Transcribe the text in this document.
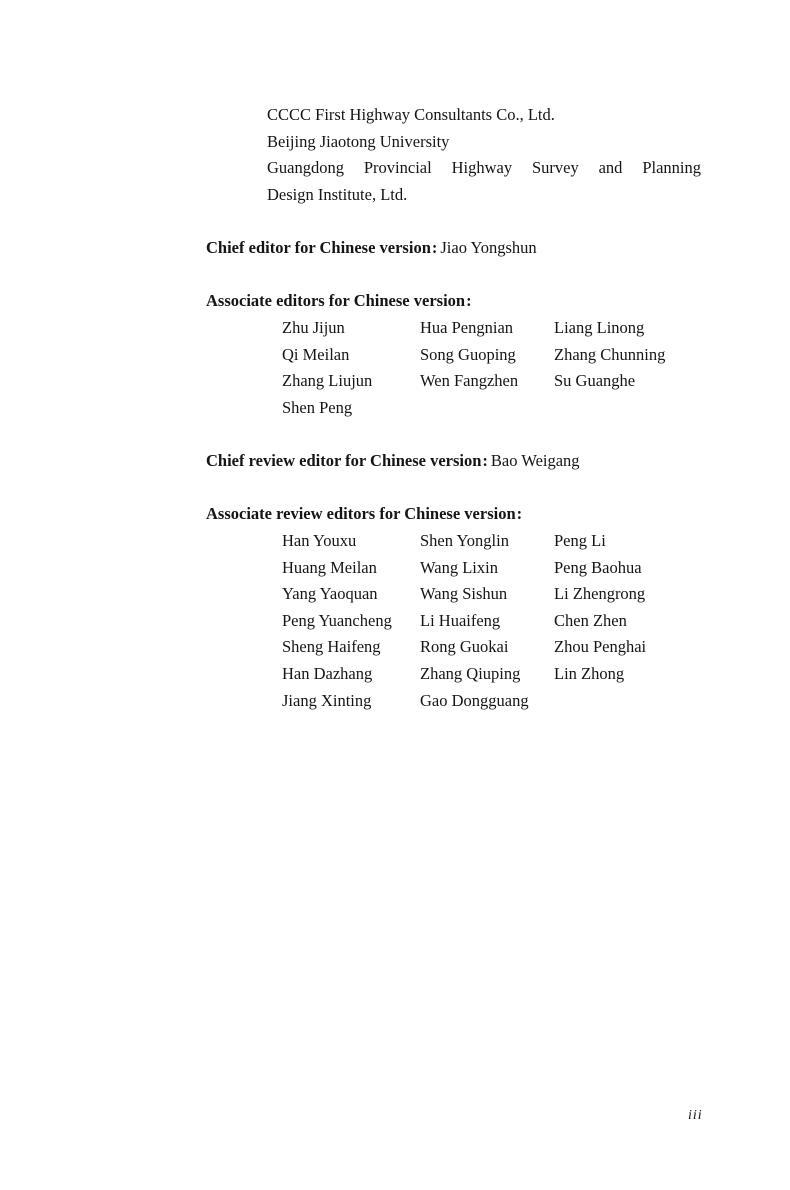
CCCC First Highway Consultants Co., Ltd.
Beijing Jiaotong University
Guangdong Provincial Highway Survey and Planning
Design Institute, Ltd.
Chief editor for Chinese version: Jiao Yongshun
Associate editors for Chinese version:
Zhu Jijun	Hua Pengnian	Liang Linong
Qi Meilan	Song Guoping	Zhang Chunning
Zhang Liujun	Wen Fangzhen	Su Guanghe
Shen Peng
Chief review editor for Chinese version: Bao Weigang
Associate review editors for Chinese version:
Han Youxu	Shen Yonglin	Peng Li
Huang Meilan	Wang Lixin	Peng Baohua
Yang Yaoquan	Wang Sishun	Li Zhengrong
Peng Yuancheng	Li Huaifeng	Chen Zhen
Sheng Haifeng	Rong Guokai	Zhou Penghai
Han Dazhang	Zhang Qiuping	Lin Zhong
Jiang Xinting	Gao Dongguang
iii
